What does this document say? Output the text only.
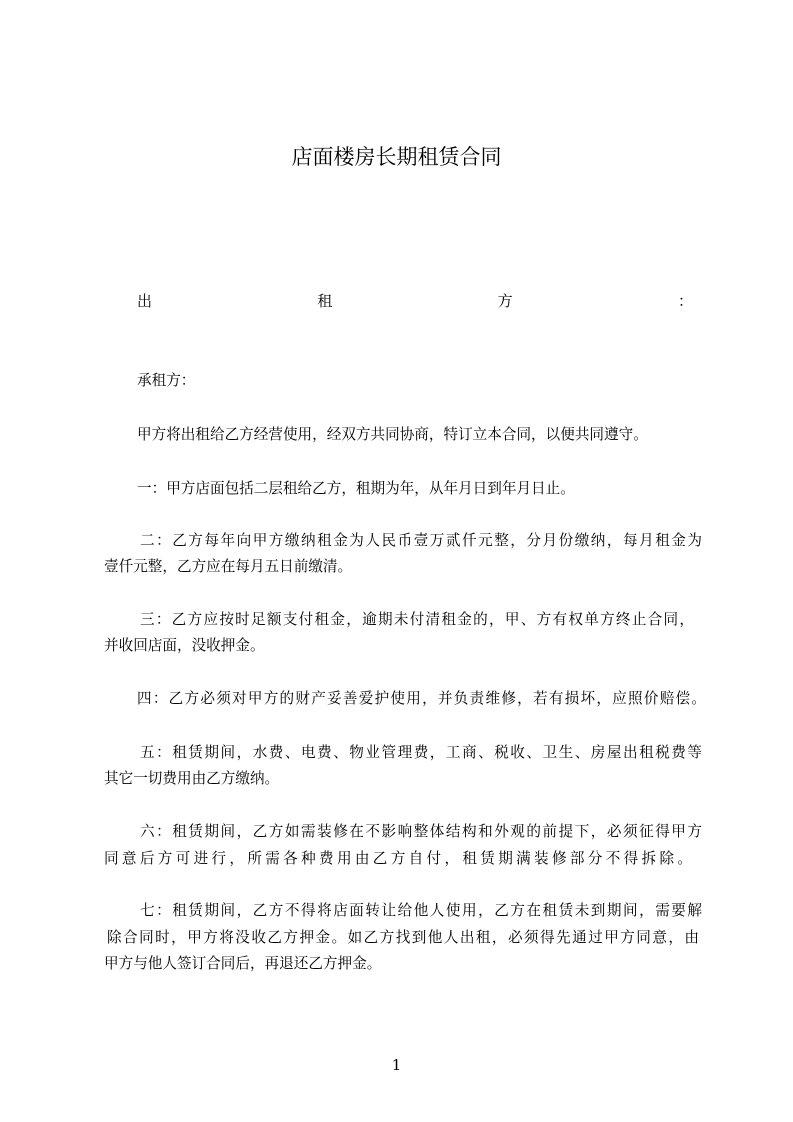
店面楼房长期租赁合同
出	租	方	：
承租方：
甲方将出租给乙方经营使用，经双方共同协商，特订立本合同，以便共同遵守。
一：甲方店面包括二层租给乙方，租期为年，从年月日到年月日止。
二：乙方每年向甲方缴纳租金为人民币壹万贰仟元整，分月份缴纳，每月租金为
壹仟元整，乙方应在每月五日前缴清。
三：乙方应按时足额支付租金，逾期未付清租金的，甲、方有权单方终止合同，
并收回店面，没收押金。
四：乙方必须对甲方的财产妥善爱护使用，并负责维修，若有损坏，应照价赔偿。
五：租赁期间，水费、电费、物业管理费，工商、税收、卫生、房屋出租税费等
其它一切费用由乙方缴纳。
六：租赁期间，乙方如需装修在不影响整体结构和外观的前提下，必须征得甲方
同意后方可进行，所需各种费用由乙方自付，租赁期满装修部分不得拆除。
七：租赁期间，乙方不得将店面转让给他人使用，乙方在租赁未到期间，需要解
除合同时，甲方将没收乙方押金。如乙方找到他人出租，必须得先通过甲方同意，由
甲方与他人签订合同后，再退还乙方押金。
1
